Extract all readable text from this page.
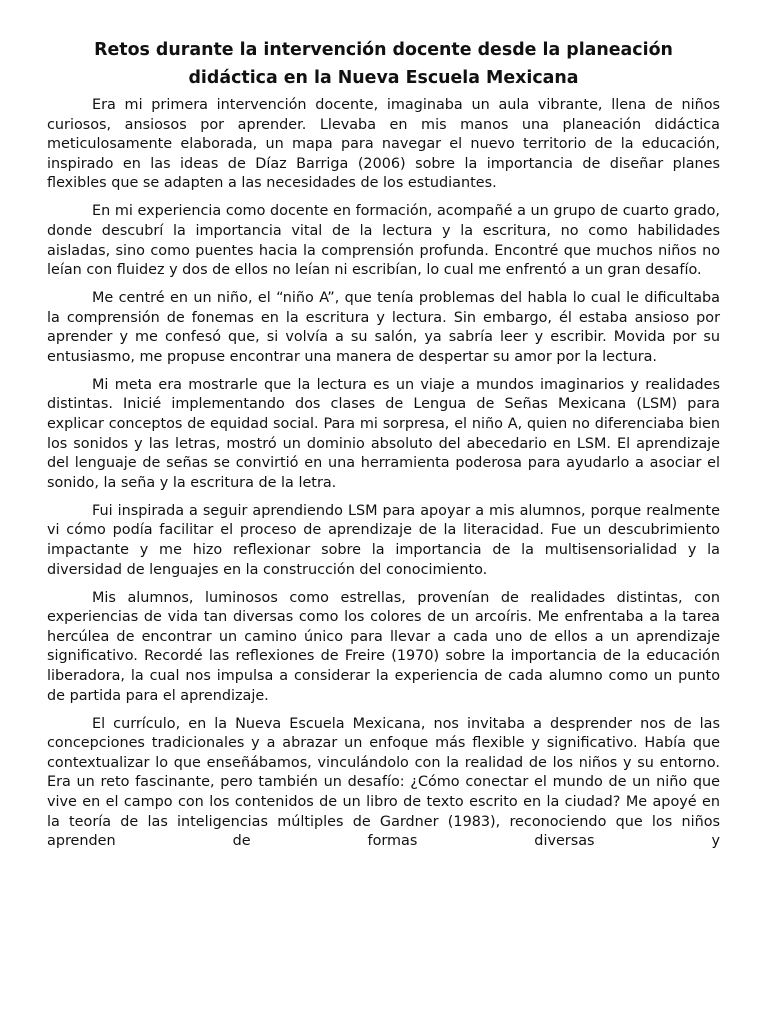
Retos durante la intervención docente desde la planeación
didáctica en la Nueva Escuela Mexicana

Era mi primera intervención docente, imaginaba un aula vibrante, llena de niños curiosos, ansiosos por aprender. Llevaba en mis manos una planeación didáctica meticulosamente elaborada, un mapa para navegar el nuevo territorio de la educación, inspirado en las ideas de Díaz Barriga (2006) sobre la importancia de diseñar planes flexibles que se adapten a las necesidades de los estudiantes.

En mi experiencia como docente en formación, acompañé a un grupo de cuarto grado, donde descubrí la importancia vital de la lectura y la escritura, no como habilidades aisladas, sino como puentes hacia la comprensión profunda. Encontré que muchos niños no leían con fluidez y dos de ellos no leían ni escribían, lo cual me enfrentó a un gran desafío.

Me centré en un niño, el “niño A”, que tenía problemas del habla lo cual le dificultaba la comprensión de fonemas en la escritura y lectura. Sin embargo, él estaba ansioso por aprender y me confesó que, si volvía a su salón, ya sabría leer y escribir. Movida por su entusiasmo, me propuse encontrar una manera de despertar su amor por la lectura.

Mi meta era mostrarle que la lectura es un viaje a mundos imaginarios y realidades distintas. Inicié implementando dos clases de Lengua de Señas Mexicana (LSM) para explicar conceptos de equidad social. Para mi sorpresa, el niño A, quien no diferenciaba bien los sonidos y las letras, mostró un dominio absoluto del abecedario en LSM. El aprendizaje del lenguaje de señas se convirtió en una herramienta poderosa para ayudarlo a asociar el sonido, la seña y la escritura de la letra.

Fui inspirada a seguir aprendiendo LSM para apoyar a mis alumnos, porque realmente vi cómo podía facilitar el proceso de aprendizaje de la literacidad. Fue un descubrimiento impactante y me hizo reflexionar sobre la importancia de la multisensorialidad y la diversidad de lenguajes en la construcción del conocimiento.

Mis alumnos, luminosos como estrellas, provenían de realidades distintas, con experiencias de vida tan diversas como los colores de un arcoíris. Me enfrentaba a la tarea hercúlea de encontrar un camino único para llevar a cada uno de ellos a un aprendizaje significativo. Recordé las reflexiones de Freire (1970) sobre la importancia de la educación liberadora, la cual nos impulsa a considerar la experiencia de cada alumno como un punto de partida para el aprendizaje.

El currículo, en la Nueva Escuela Mexicana, nos invitaba a desprender nos de las concepciones tradicionales y a abrazar un enfoque más flexible y significativo. Había que contextualizar lo que enseñábamos, vinculándolo con la realidad de los niños y su entorno. Era un reto fascinante, pero también un desafío: ¿Cómo conectar el mundo de un niño que vive en el campo con los contenidos de un libro de texto escrito en la ciudad? Me apoyé en la teoría de las inteligencias múltiples de Gardner (1983), reconociendo que los niños aprenden de formas diversas y
